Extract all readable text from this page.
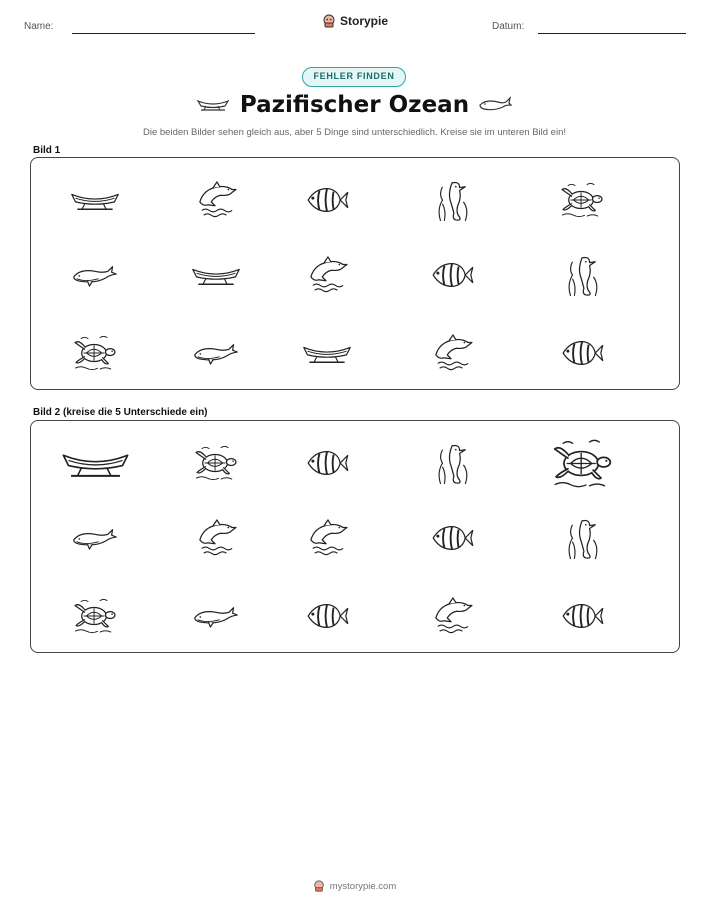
Name:	Storypie	Datum:
FEHLER FINDEN
Pazifischer Ozean
Die beiden Bilder sehen gleich aus, aber 5 Dinge sind unterschiedlich. Kreise sie im unteren Bild ein!
Bild 1
Bild 2 (kreise die 5 Unterschiede ein)
mystorypie.com
